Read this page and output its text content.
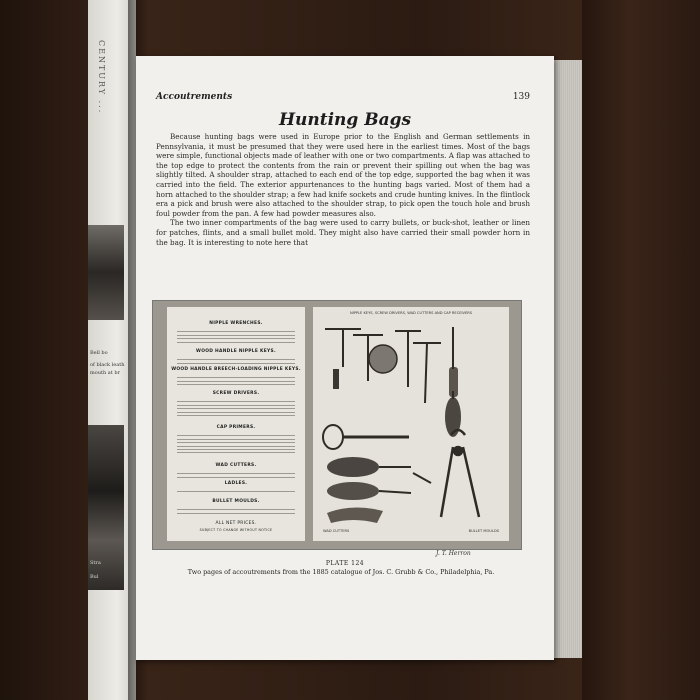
CENTURY ...
Bell bo
of black leath
mouth at br
Stra
Bul
Accoutrements	139
Hunting Bags

Because hunting bags were used in Europe prior to the English and German settlements in Pennsylvania, it must be presumed that they were used here in the earliest times. Most of the bags were simple, functional objects made of leather with one or two compartments. A flap was attached to the top edge to protect the contents from the rain or prevent their spilling out when the bag was slightly tilted. A shoulder strap, attached to each end of the top edge, supported the bag when it was carried into the field. The exterior appurtenances to the hunting bags varied. Most of them had a horn attached to the shoulder strap; a few had knife sockets and crude hunting knives. In the flintlock era a pick and brush were also attached to the shoulder strap, to pick open the touch hole and brush foul powder from the pan. A few had powder measures also.

The two inner compartments of the bag were used to carry bullets, or buck-shot, leather or linen for patches, flints, and a small bullet mold. They might also have carried their small powder horn in the bag. It is interesting to note here that

NIPPLE WRENCHES.
WOOD HANDLE NIPPLE KEYS.
WOOD HANDLE BREECH-LOADING NIPPLE KEYS.
SCREW DRIVERS.
CAP PRIMERS.
WAD CUTTERS.
LADLES.
BULLET MOULDS.
ALL NET PRICES.
SUBJECT TO CHANGE WITHOUT NOTICE
NIPPLE KEYS, SCREW DRIVERS, WAD CUTTERS AND CAP RECEIVERS
WAD CUTTERS	BULLET MOULDS
J. T. Herron
PLATE 124
Two pages of accoutrements from the 1885 catalogue of Jos. C. Grubb & Co., Philadelphia, Pa.
